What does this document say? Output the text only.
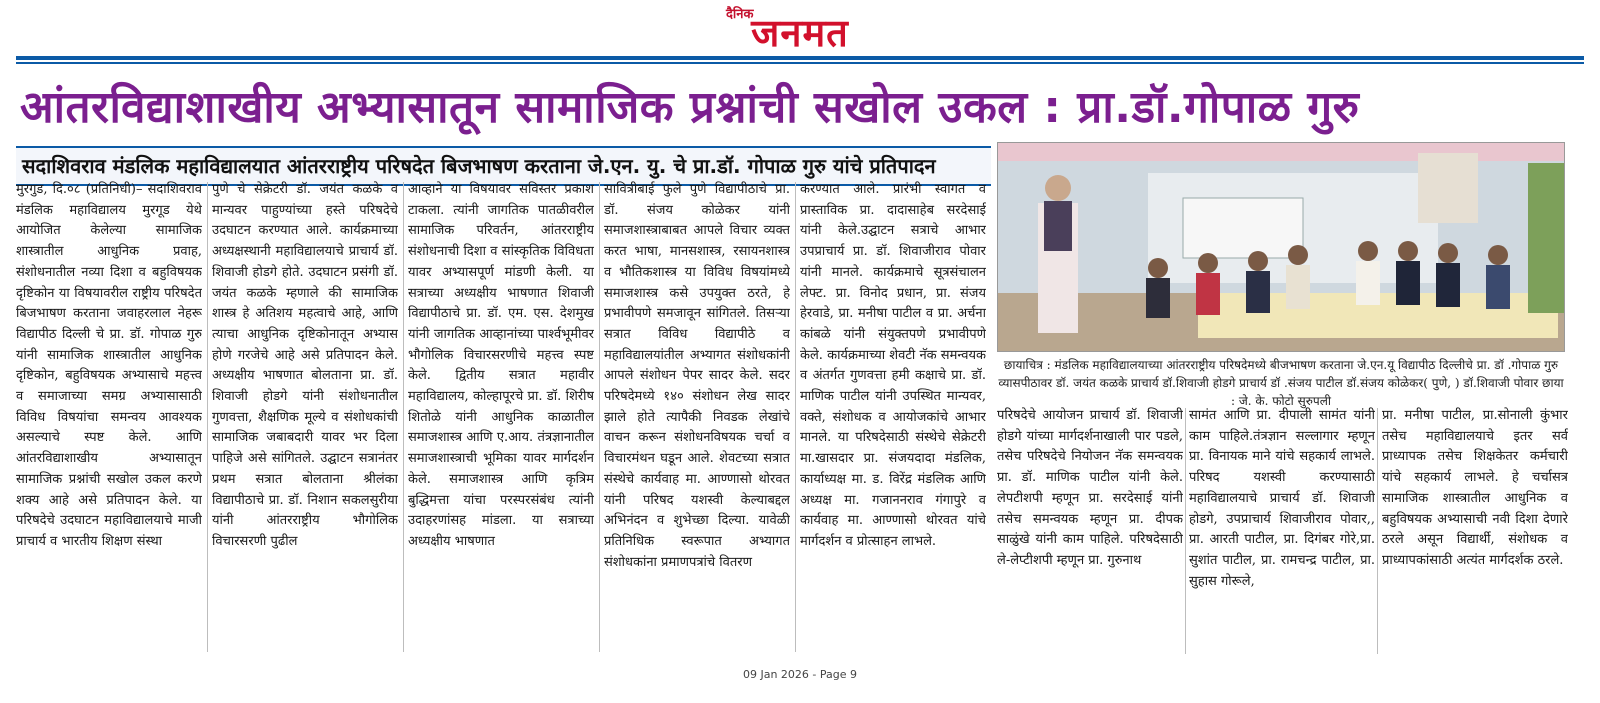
दैनिक
जनमत
आंतरविद्याशाखीय अभ्यासातून सामाजिक प्रश्नांची सखोल उकल : प्रा.डॉ.गोपाळ गुरु
सदाशिवराव मंडलिक महाविद्यालयात आंतरराष्ट्रीय परिषदेत बिजभाषण करताना जे.एन. यु. चे प्रा.डॉ. गोपाळ गुरु यांचे प्रतिपादन
मुरगुड, दि.०८ (प्रतिनिधी)– सदाशिवराव मंडलिक महाविद्यालय मुरगूड येथे आयोजित केलेल्या सामाजिक शास्त्रातील आधुनिक प्रवाह, संशोधनातील नव्या दिशा व बहुविषयक दृष्टिकोन या विषयावरील राष्ट्रीय परिषदेत बिजभाषण करताना जवाहरलाल नेहरू विद्यापीठ दिल्ली चे प्रा. डॉ. गोपाळ गुरु यांनी सामाजिक शास्त्रातील आधुनिक दृष्टिकोन, बहुविषयक अभ्यासाचे महत्त्व व समाजाच्या समग्र अभ्यासासाठी विविध विषयांचा समन्वय आवश्यक असल्याचे स्पष्ट केले. आणि आंतरविद्याशाखीय अभ्यासातून सामाजिक प्रश्नांची सखोल उकल करणे शक्य आहे असे प्रतिपादन केले. या परिषदेचे उदघाटन महाविद्यालयाचे माजी प्राचार्य व भारतीय शिक्षण संस्था
पुणे चे सेक्रेटरी डॉ. जयंत कळके व मान्यवर पाहुण्यांच्या हस्ते परिषदेचे उदघाटन करण्यात आले. कार्यक्रमाच्या अध्यक्षस्थानी महाविद्यालयाचे प्राचार्य डॉ. शिवाजी होडगे होते. उदघाटन प्रसंगी डॉ. जयंत कळके म्हणाले की सामाजिक शास्त्र हे अतिशय महत्वाचे आहे, आणि त्याचा आधुनिक दृष्टिकोनातून अभ्यास होणे गरजेचे आहे असे प्रतिपादन केले. अध्यक्षीय भाषणात बोलताना प्रा. डॉ. शिवाजी होडगे यांनी संशोधनातील गुणवत्ता, शैक्षणिक मूल्ये व संशोधकांची सामाजिक जबाबदारी यावर भर दिला पाहिजे असे सांगितले. उद्घाटन सत्रानंतर प्रथम सत्रात बोलताना श्रीलंका विद्यापीठाचे प्रा. डॉ. निशान सकलसुरीया यांनी आंतरराष्ट्रीय भौगोलिक विचारसरणी पुढील
आव्हाने या विषयावर सविस्तर प्रकाश टाकला. त्यांनी जागतिक पातळीवरील सामाजिक परिवर्तन, आंतरराष्ट्रीय संशोधनाची दिशा व सांस्कृतिक विविधता यावर अभ्यासपूर्ण मांडणी केली. या सत्राच्या अध्यक्षीय भाषणात शिवाजी विद्यापीठाचे प्रा. डॉ. एम. एस. देशमुख यांनी जागतिक आव्हानांच्या पार्श्वभूमीवर भौगोलिक विचारसरणीचे महत्त्व स्पष्ट केले. द्वितीय सत्रात महावीर महाविद्यालय, कोल्हापूरचे प्रा. डॉ. शिरीष शितोळे यांनी आधुनिक काळातील समाजशास्त्र आणि ए.आय. तंत्रज्ञानातील समाजशास्त्राची भूमिका यावर मार्गदर्शन केले. समाजशास्त्र आणि कृत्रिम बुद्धिमत्ता यांचा परस्परसंबंध त्यांनी उदाहरणांसह मांडला. या सत्राच्या अध्यक्षीय भाषणात
सावित्रीबाई फुले पुणे विद्यापीठाचे प्रा. डॉ. संजय कोळेकर यांनी समाजशास्त्राबाबत आपले विचार व्यक्त करत भाषा, मानसशास्त्र, रसायनशास्त्र व भौतिकशास्त्र या विविध विषयांमध्ये समाजशास्त्र कसे उपयुक्त ठरते, हे प्रभावीपणे समजावून सांगितले. तिसऱ्या सत्रात विविध विद्यापीठे व महाविद्यालयांतील अभ्यागत संशोधकांनी आपले संशोधन पेपर सादर केले. सदर परिषदेमध्ये १४० संशोधन लेख सादर झाले होते त्यापैकी निवडक लेखांचे वाचन करून संशोधनविषयक चर्चा व विचारमंथन घडून आले. शेवटच्या सत्रात संस्थेचे कार्यवाह मा. आण्णासो थोरवत यांनी परिषद यशस्वी केल्याबद्दल अभिनंदन व शुभेच्छा दिल्या. यावेळी प्रतिनिधिक स्वरूपात अभ्यागत संशोधकांना प्रमाणपत्रांचे वितरण
करण्यात आले. प्रारंभी स्वागत व प्रास्ताविक प्रा. दादासाहेब सरदेसाई यांनी केले.उद्घाटन सत्राचे आभार उपप्राचार्य प्रा. डॉ. शिवाजीराव पोवार यांनी मानले. कार्यक्रमाचे सूत्रसंचालन लेफ्ट. प्रा. विनोद प्रधान, प्रा. संजय हेरवाडे, प्रा. मनीषा पाटील व प्रा. अर्चना कांबळे यांनी संयुक्तपणे प्रभावीपणे केले. कार्यक्रमाच्या शेवटी नॅक समन्वयक व अंतर्गत गुणवत्ता हमी कक्षाचे प्रा. डॉ. माणिक पाटील यांनी उपस्थित मान्यवर, वक्ते, संशोधक व आयोजकांचे आभार मानले. या परिषदेसाठी संस्थेचे सेक्रेटरी मा.खासदार प्रा. संजयदादा मंडलिक, कार्याध्यक्ष मा. ड. विरेंद्र मंडलिक आणि अध्यक्ष मा. गजाननराव गंगापुरे व कार्यवाह मा. आण्णासो थोरवत यांचे मार्गदर्शन व प्रोत्साहन लाभले.
छायाचित्र : मंडलिक महाविद्यालयाच्या आंतरराष्ट्रीय परिषदेमध्ये बीजभाषण करताना जे.एन.यू विद्यापीठ दिल्लीचे प्रा. डॉ .गोपाळ गुरु व्यासपीठावर डॉ. जयंत कळके प्राचार्य डॉ.शिवाजी होडगे प्राचार्य डॉ .संजय पाटील डॉ.संजय कोळेकर( पुणे, ) डॉ.शिवाजी पोवार छाया : जे. के. फोटो सुरुपली
परिषदेचे आयोजन प्राचार्य डॉ. शिवाजी होडगे यांच्या मार्गदर्शनाखाली पार पडले, तसेच परिषदेचे नियोजन नॅक समन्वयक प्रा. डॉ. माणिक पाटील यांनी केले. लेपटीशपी म्हणून प्रा. सरदेसाई यांनी तसेच समन्वयक म्हणून प्रा. दीपक साळुंखे यांनी काम पाहिले. परिषदेसाठी ले-लेप्टीशपी म्हणून प्रा. गुरुनाथ
सामंत आणि प्रा. दीपाली सामंत यांनी काम पाहिले.तंत्रज्ञान सल्लागार म्हणून प्रा. विनायक माने यांचे सहकार्य लाभले. परिषद यशस्वी करण्यासाठी महाविद्यालयाचे प्राचार्य डॉ. शिवाजी होडगे, उपप्राचार्य शिवाजीराव पोवार,, प्रा. आरती पाटील, प्रा. दिगंबर गोरे,प्रा. सुशांत पाटील, प्रा. रामचन्द्र पाटील, प्रा. सुहास गोरूले,
प्रा. मनीषा पाटील, प्रा.सोनाली कुंभार तसेच महाविद्यालयाचे इतर सर्व प्राध्यापक तसेच शिक्षकेतर कर्मचारी यांचे सहकार्य लाभले. हे चर्चासत्र सामाजिक शास्त्रातील आधुनिक व बहुविषयक अभ्यासाची नवी दिशा देणारे ठरले असून विद्यार्थी, संशोधक व प्राध्यापकांसाठी अत्यंत मार्गदर्शक ठरले.
09 Jan 2026 - Page 9
